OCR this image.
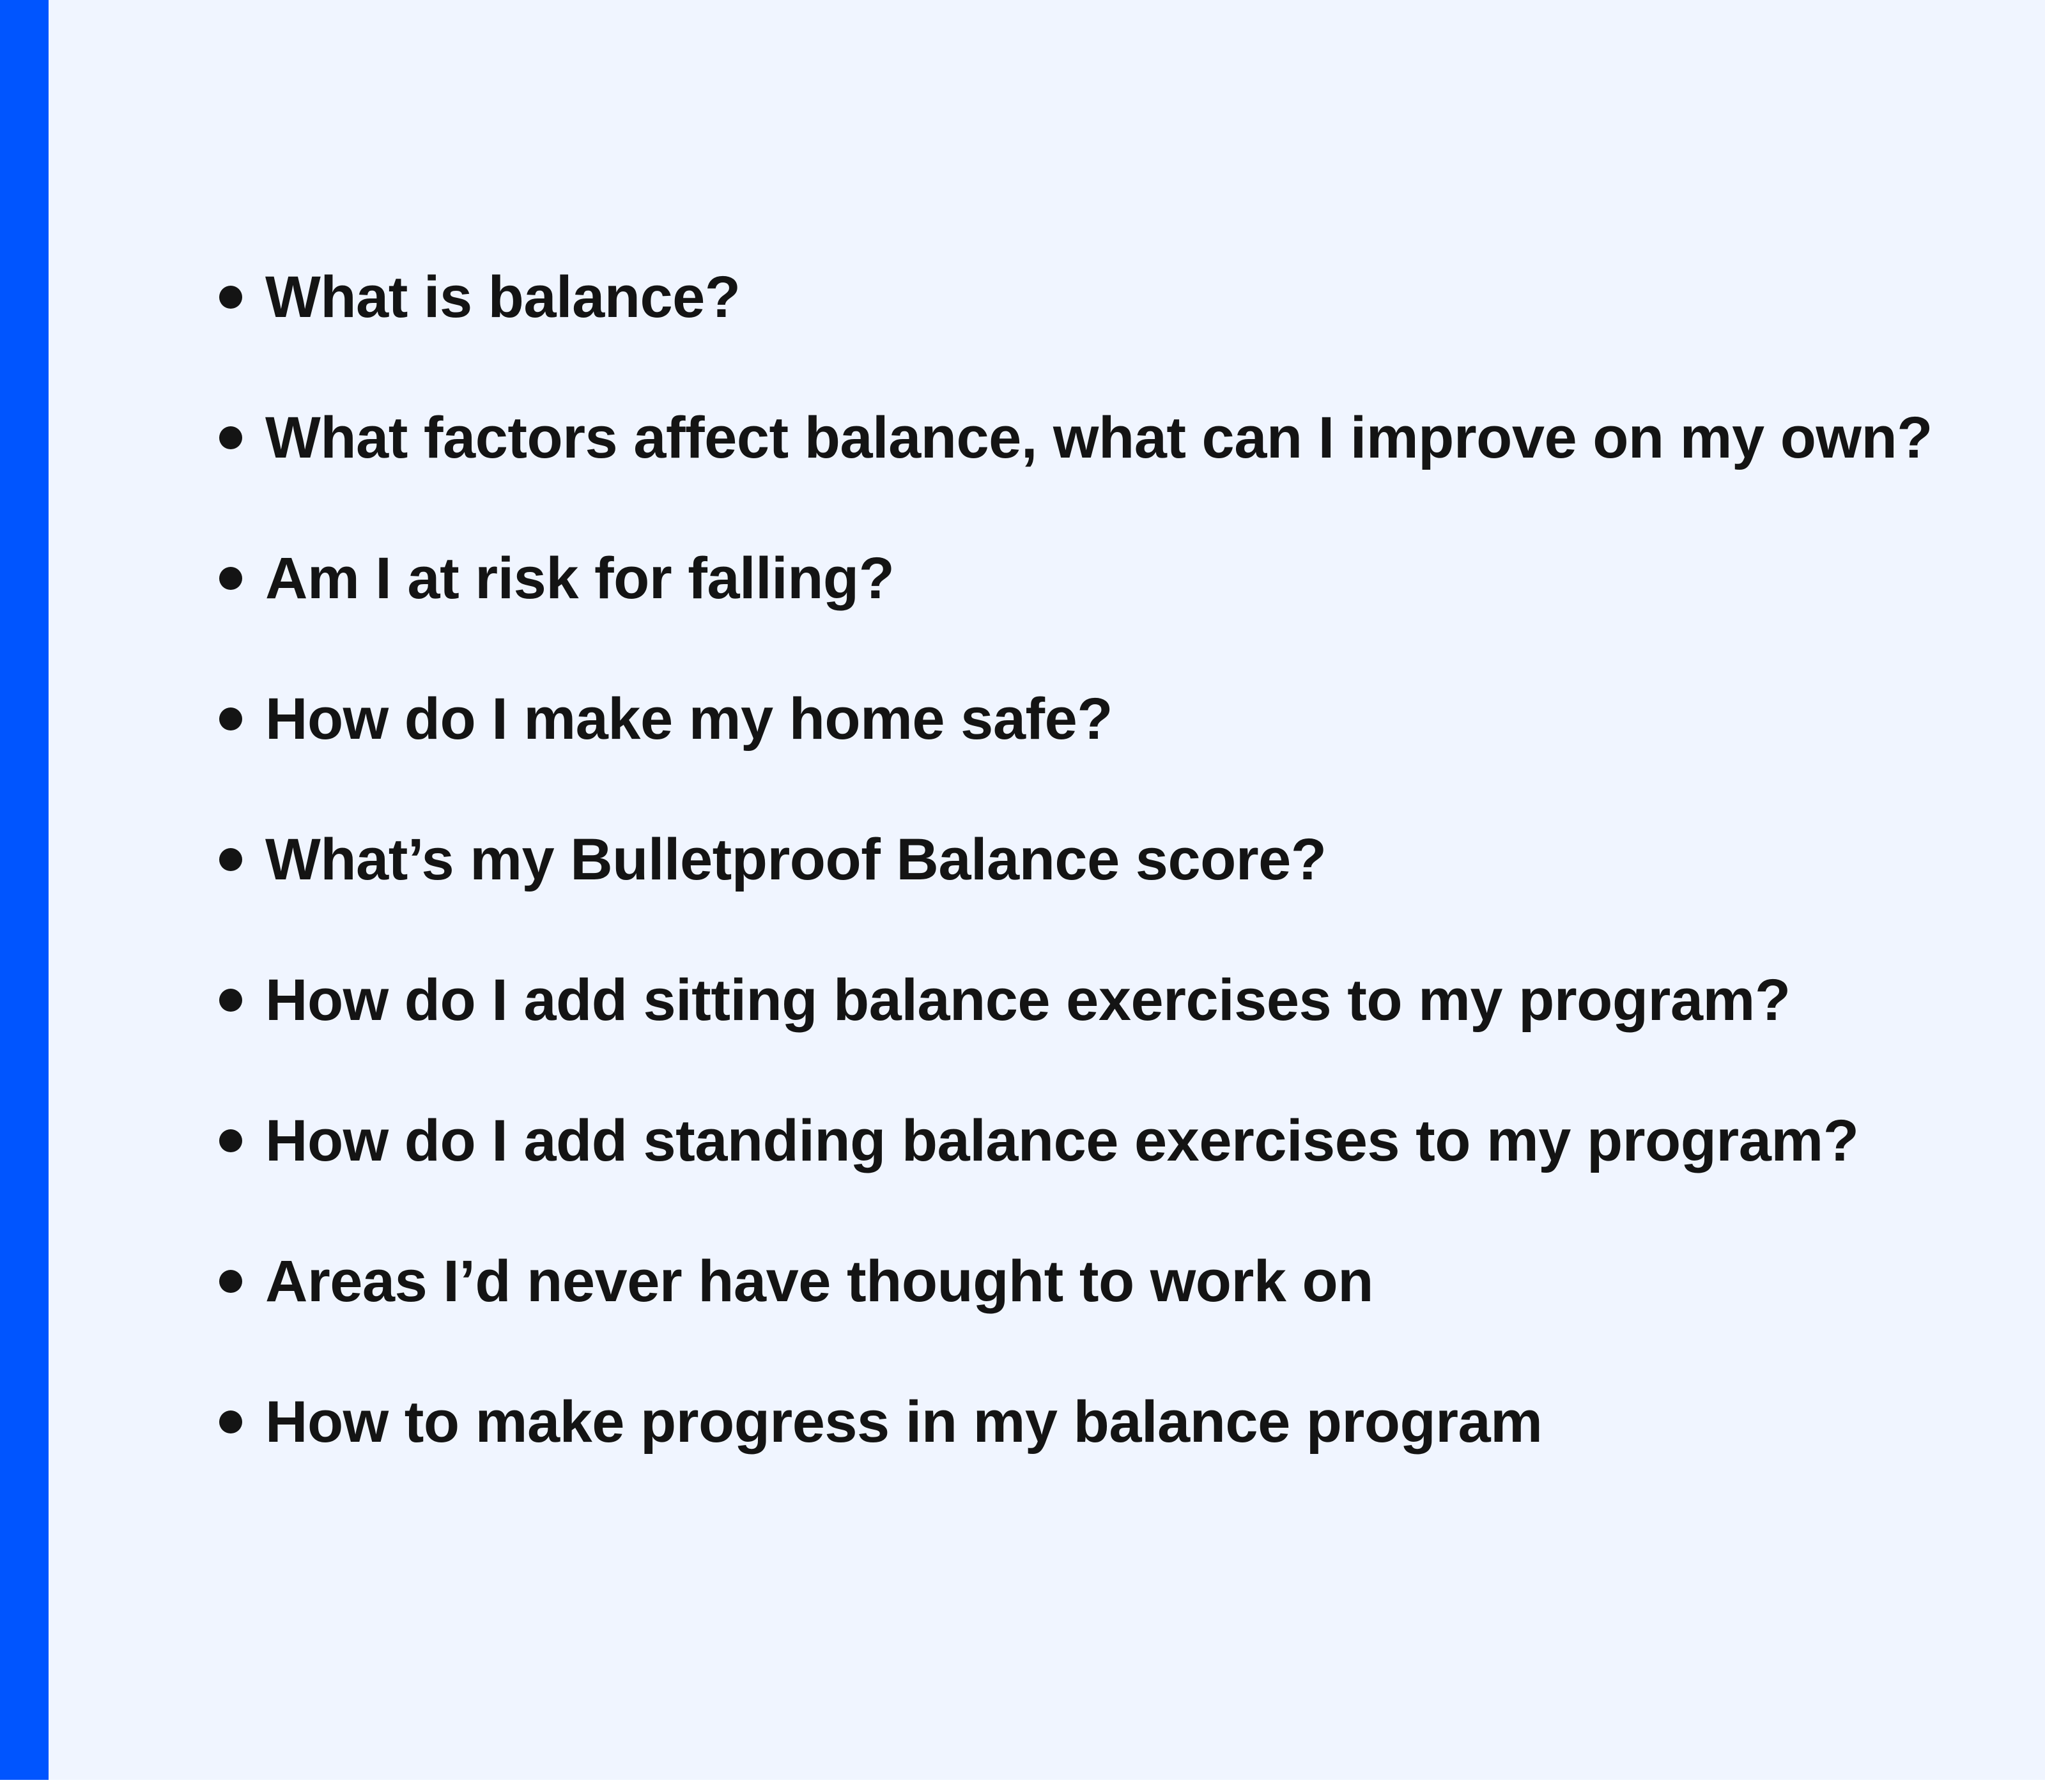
What is balance?
What factors affect balance, what can I improve on my own?
Am I at risk for falling?
How do I make my home safe?
What’s my Bulletproof Balance score?
How do I add sitting balance exercises to my program?
How do I add standing balance exercises to my program?
Areas I’d never have thought to work on
How to make progress in my balance program
